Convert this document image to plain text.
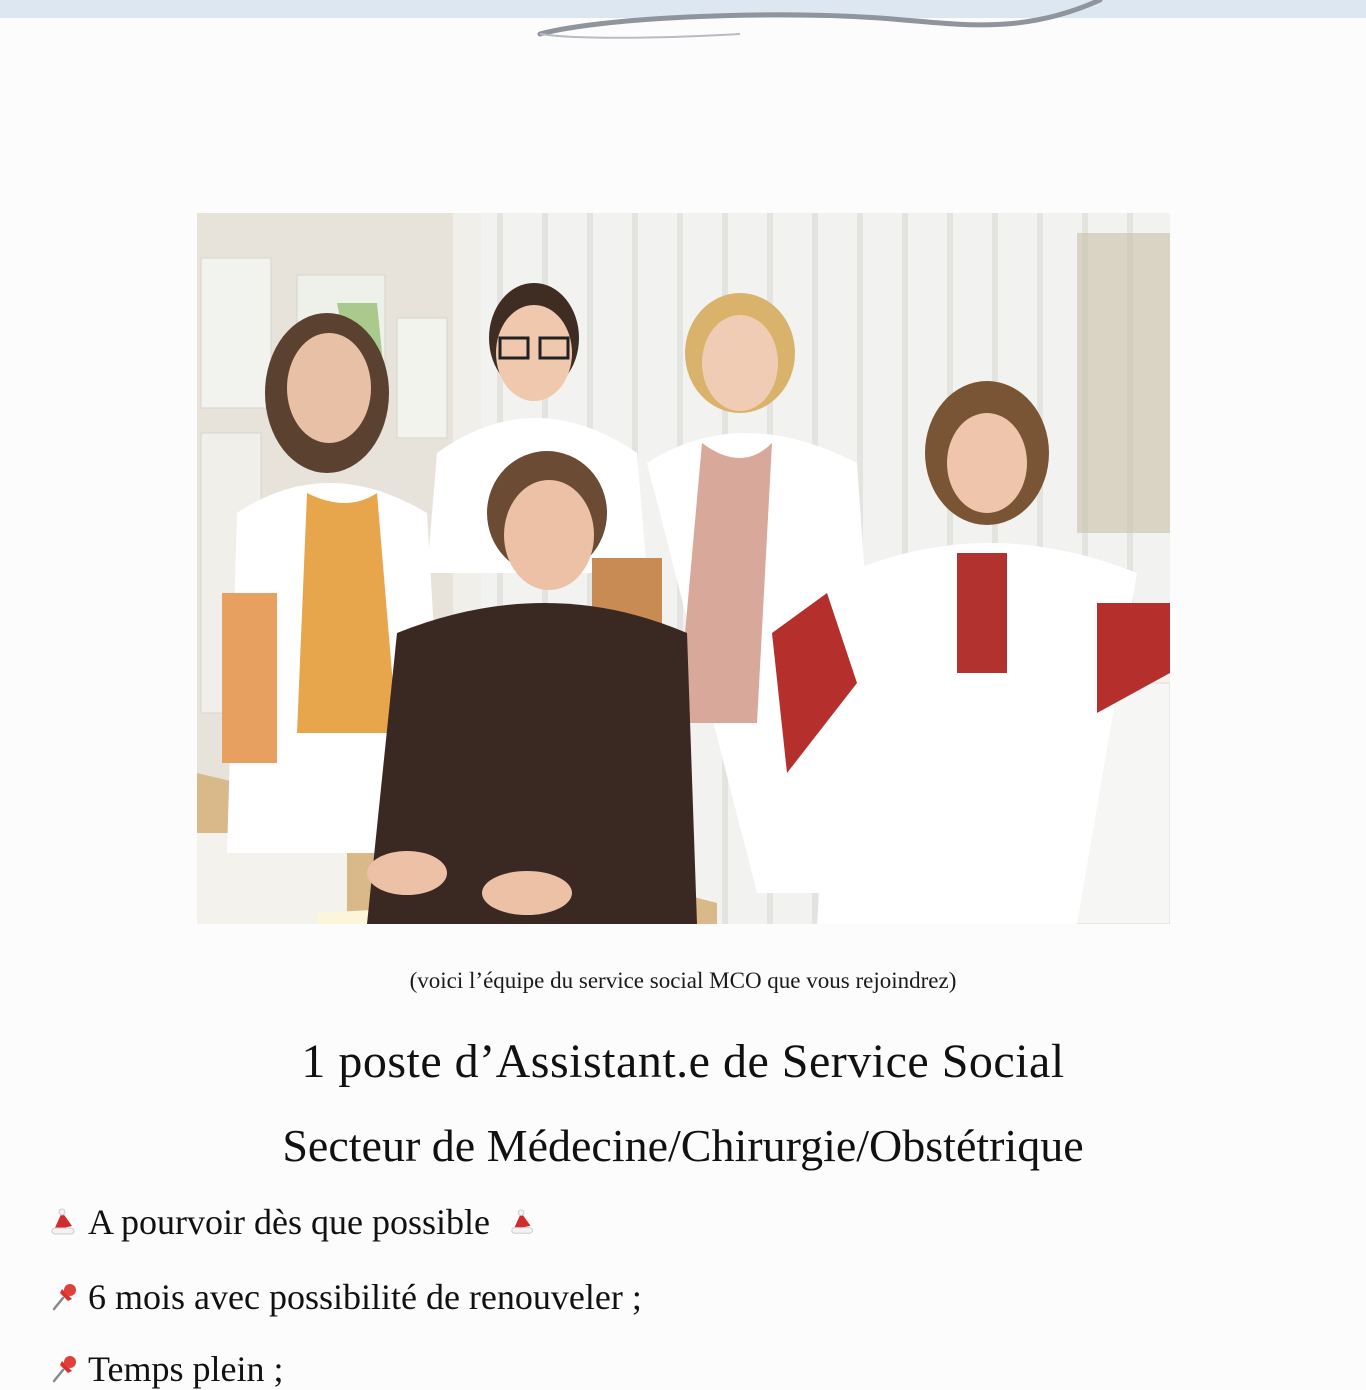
(voici l’équipe du service social MCO que vous rejoindrez)
1 poste d’Assistant.e de Service Social
Secteur de Médecine/Chirurgie/Obstétrique
A pourvoir dès que possible
6 mois avec possibilité de renouveler ;
Temps plein ;
